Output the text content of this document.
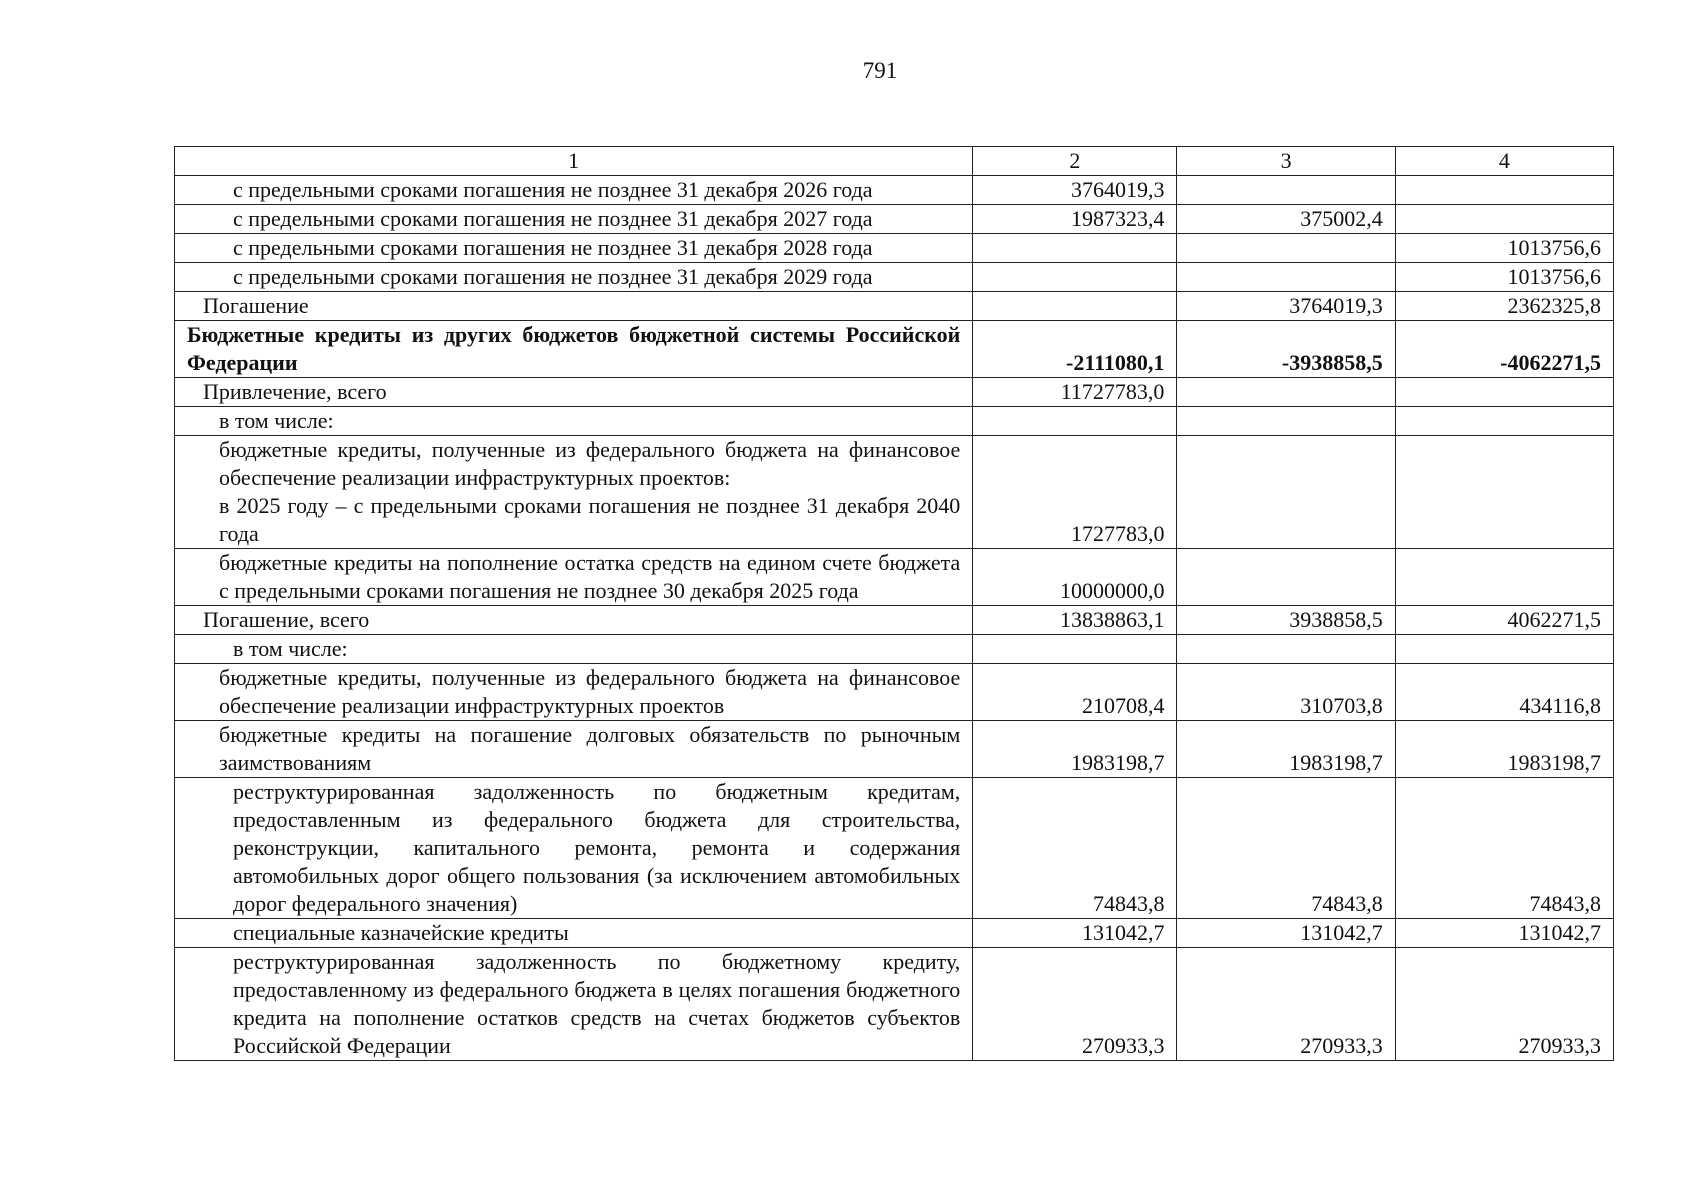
791
1	2	3	4
с предельными сроками погашения не позднее 31 декабря 2026 года	3764019,3		
с предельными сроками погашения не позднее 31 декабря 2027 года	1987323,4	375002,4	
с предельными сроками погашения не позднее 31 декабря 2028 года			1013756,6
с предельными сроками погашения не позднее 31 декабря 2029 года			1013756,6
Погашение		3764019,3	2362325,8
Бюджетные кредиты из других бюджетов бюджетной системы Российской Федерации	-2111080,1	-3938858,5	-4062271,5
Привлечение, всего	11727783,0		
в том числе:			

бюджетные кредиты, полученные из федерального бюджета на финансовое обеспечение реализации инфраструктурных проектов:
в 2025 году – с предельными сроками погашения не позднее 31 декабря 2040 года	1727783,0		
бюджетные кредиты на пополнение остатка средств на едином счете бюджета с предельными сроками погашения не позднее 30 декабря 2025 года	10000000,0		
Погашение, всего	13838863,1	3938858,5	4062271,5
в том числе:			
бюджетные кредиты, полученные из федерального бюджета на финансовое обеспечение реализации инфраструктурных проектов	210708,4	310703,8	434116,8
бюджетные кредиты на погашение долговых обязательств по рыночным заимствованиям	1983198,7	1983198,7	1983198,7
реструктурированная задолженность по бюджетным кредитам, предоставленным из федерального бюджета для строительства, реконструкции, капитального ремонта, ремонта и содержания автомобильных дорог общего пользования (за исключением автомобильных дорог федерального значения)	74843,8	74843,8	74843,8
специальные казначейские кредиты	131042,7	131042,7	131042,7
реструктурированная задолженность по бюджетному кредиту, предоставленному из федерального бюджета в целях погашения бюджетного кредита на пополнение остатков средств на счетах бюджетов субъектов Российской Федерации	270933,3	270933,3	270933,3
